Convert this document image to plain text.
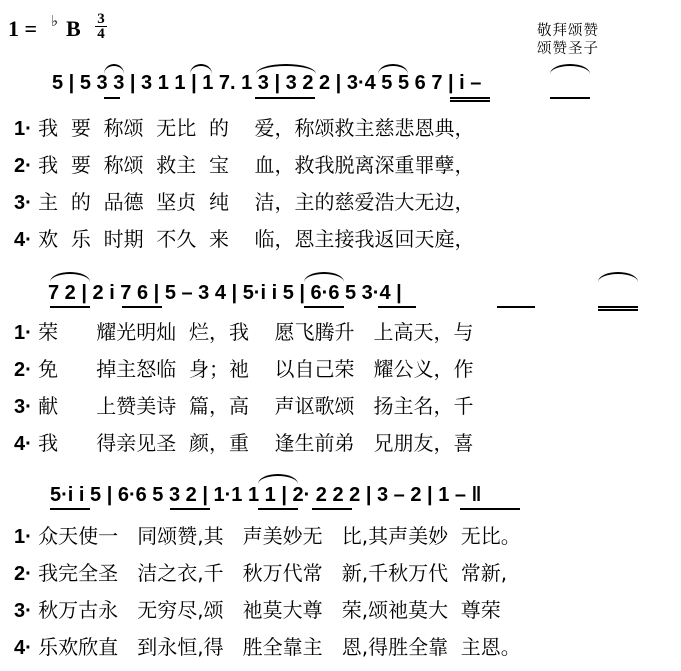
1 = ♭ B 3
4	敬拜颂赞
颂赞圣子
5 | 5 3 3 | 3 1 1 | 1 7. 1 3 | 3 2 2 | 3·4 5 5 6 7 | i –
1· 我  要  称颂  无比  的    爱，称颂救主慈悲恩典，
2· 我  要  称颂  救主  宝    血，救我脱离深重罪孽，
3· 主  的  品德  坚贞  纯    洁，主的慈爱浩大无边，
4· 欢  乐  时期  不久  来    临，恩主接我返回天庭，
7 2 | 2 i 7 6 | 5 – 3 4 | 5·i i 5 | 6·6 5 3·4 |
1· 荣      耀光明灿  烂，我    愿飞腾升   上高天，与
2· 免      掉主怒临  身；祂    以自己荣   耀公义，作
3· 献      上赞美诗  篇，高    声讴歌颂   扬主名，千
4· 我      得亲见圣  颜，重    逢生前弟   兄朋友，喜
5·i i 5 | 6·6 5 3 2 | 1·1 1 1 | 2· 2 2 2 | 3 – 2 | 1 – ‖
1· 众天使一   同颂赞,其   声美妙无   比,其声美妙  无比。
2· 我完全圣   洁之衣,千   秋万代常   新,千秋万代  常新,
3· 秋万古永   无穷尽,颂   祂莫大尊   荣,颂祂莫大  尊荣
4· 乐欢欣直   到永恒,得   胜全靠主   恩,得胜全靠  主恩。
